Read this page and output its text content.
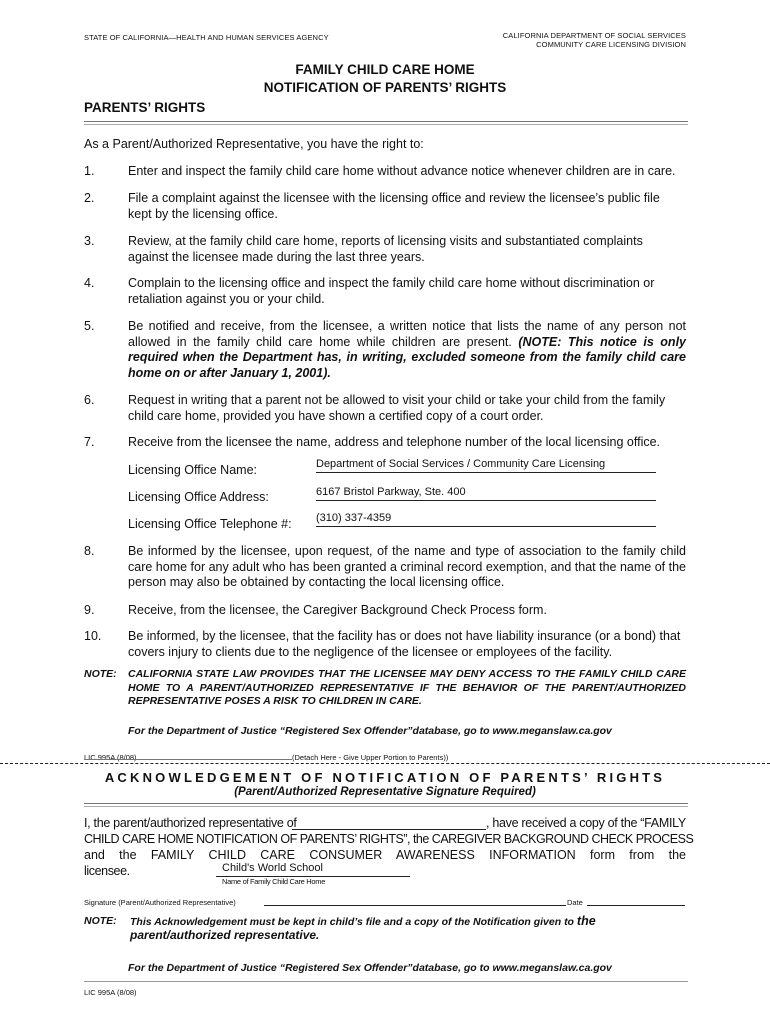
STATE OF CALIFORNIA—HEALTH AND HUMAN SERVICES AGENCY	CALIFORNIA DEPARTMENT OF SOCIAL SERVICES
COMMUNITY CARE LICENSING DIVISION
FAMILY CHILD CARE HOME
NOTIFICATION OF PARENTS’ RIGHTS
PARENTS’ RIGHTS
As a Parent/Authorized Representative, you have the right to:
1.	Enter and inspect the family child care home without advance notice whenever children are in care.
2.	File a complaint against the licensee with the licensing office and review the licensee’s public file kept by the licensing office.
3.	Review, at the family child care home, reports of licensing visits and substantiated complaints against the licensee made during the last three years.
4.	Complain to the licensing office and inspect the family child care home without discrimination or retaliation against you or your child.
5.	Be notified and receive, from the licensee, a written notice that lists the name of any person not allowed in the family child care home while children are present. (NOTE: This notice is only required when the Department has, in writing, excluded someone from the family child care home on or after January 1, 2001).
6.	Request in writing that a parent not be allowed to visit your child or take your child from the family child care home, provided you have shown a certified copy of a court order.
7.	Receive from the licensee the name, address and telephone number of the local licensing office.
Licensing Office Name:	Department of Social Services / Community Care Licensing
Licensing Office Address:	6167 Bristol Parkway, Ste. 400
Licensing Office Telephone #: (310) 337-4359
8.	Be informed by the licensee, upon request, of the name and type of association to the family child care home for any adult who has been granted a criminal record exemption, and that the name of the person may also be obtained by contacting the local licensing office.
9.	Receive, from the licensee, the Caregiver Background Check Process form.
10. Be informed, by the licensee, that the facility has or does not have liability insurance (or a bond) that covers injury to clients due to the negligence of the licensee or employees of the facility.
NOTE: CALIFORNIA STATE LAW PROVIDES THAT THE LICENSEE MAY DENY ACCESS TO THE FAMILY CHILD CARE HOME TO A PARENT/AUTHORIZED REPRESENTATIVE IF THE BEHAVIOR OF THE PARENT/AUTHORIZED REPRESENTATIVE POSES A RISK TO CHILDREN IN CARE.
For the Department of Justice “Registered Sex Offender”database, go to www.meganslaw.ca.gov
LIC 995A (8/08)	(Detach Here - Give Upper Portion to Parents))
ACKNOWLEDGEMENT OF NOTIFICATION OF PARENTS’ RIGHTS
(Parent/Authorized Representative Signature Required)
I, the parent/authorized representative of	, have received a copy of the “FAMILY
CHILD CARE HOME NOTIFICATION OF PARENTS’ RIGHTS”, the CAREGIVER BACKGROUND CHECK PROCESS
and the FAMILY CHILD CARE CONSUMER AWARENESS INFORMATION form from the
licensee.	Child's World School
Name of Family Child Care Home
Signature (Parent/Authorized Representative)	Date
NOTE: This Acknowledgement must be kept in child’s file and a copy of the Notification given to the
parent/authorized representative.
For the Department of Justice “Registered Sex Offender”database, go to www.meganslaw.ca.gov
LIC 995A (8/08)
